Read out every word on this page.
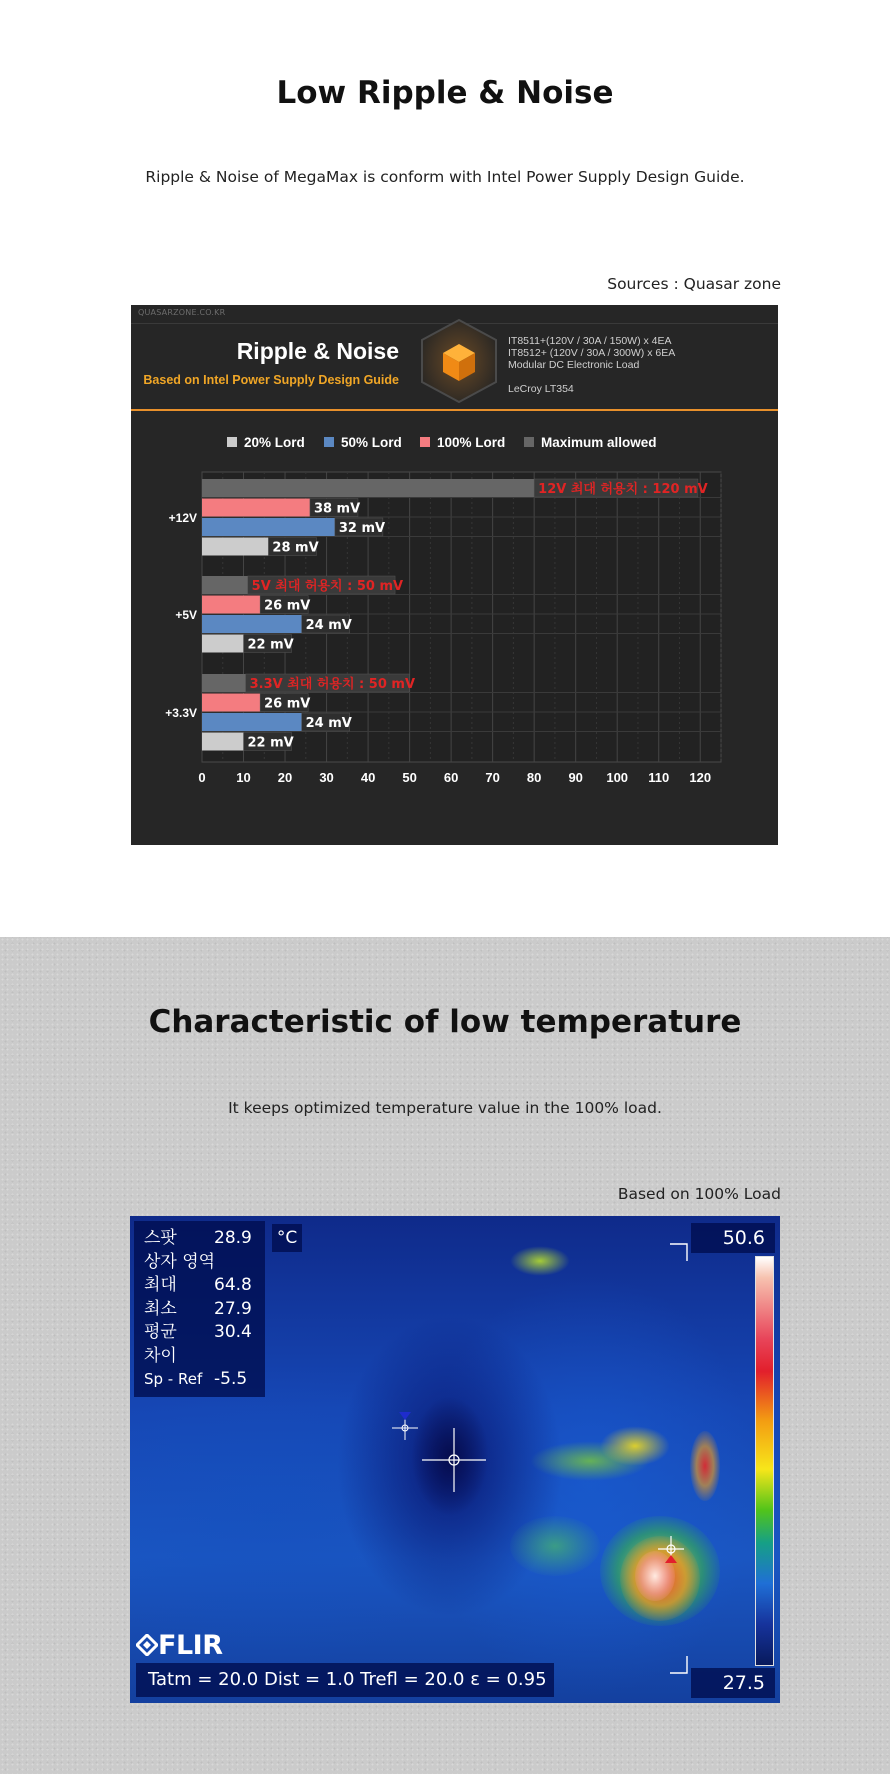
Low Ripple & Noise
Ripple & Noise of MegaMax is conform with Intel Power Supply Design Guide.
Sources : Quasar zone
QUASARZONE.CO.KR
Ripple & Noise
Based on Intel Power Supply Design Guide
IT8511+(120V / 30A / 150W) x 4EA
IT8512+ (120V / 30A / 300W) x 6EA
Modular DC Electronic Load
LeCroy LT354
20% Lord	50% Lord	100% Lord	Maximum allowed
+12V
12V 최대 허용치 : 120 mV
38 mV
32 mV
28 mV
+5V
5V 최대 허용치 : 50 mV
26 mV
24 mV
22 mV
+3.3V
3.3V 최대 허용치 : 50 mV
26 mV
24 mV
22 mV
0 10 20 30 40 50 60 70 80 90 100 110 120
Characteristic of low temperature
It keeps optimized temperature value in the 100% load.
Based on 100% Load
스팟	28.9
상자 영역
최대	64.8
최소	27.9
평균	30.4
차이
Sp - Ref -5.5
°C	50.6
27.5
FLIR
Tatm = 20.0 Dist = 1.0 Trefl = 20.0 ε = 0.95
